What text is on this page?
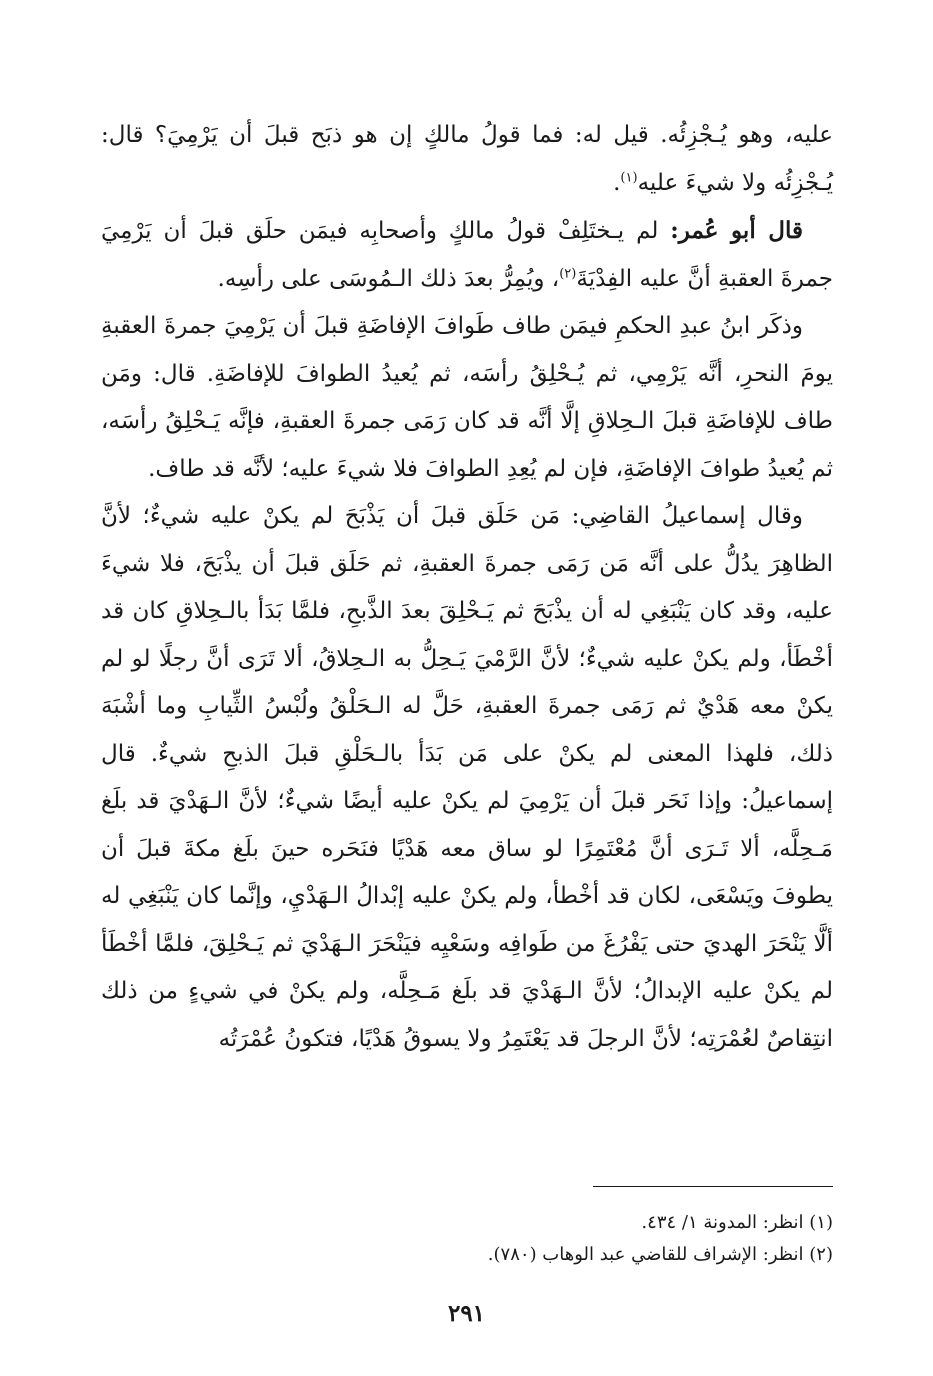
عليه، وهو يُـجْزِئُه. قيل له: فما قولُ مالكٍ إن هو ذبَح قبلَ أن يَرْمِيَ؟ قال: يُـجْزِئُه ولا شيءَ عليه$^{(١)}$.

قال أبو عُمر: لم يـختَلِفْ قولُ مالكٍ وأصحابِه فيمَن حلَق قبلَ أن يَرْمِيَ جمرةَ العقبةِ أنَّ عليه الفِدْيَةَ$^{(٢)}$، ويُمِرُّ بعدَ ذلك الـمُوسَى على رأسِه.

وذكَر ابنُ عبدِ الحكمِ فيمَن طاف طَوافَ الإفاضَةِ قبلَ أن يَرْمِيَ جمرةَ العقبةِ يومَ النحرِ، أنَّه يَرْمِي، ثم يُـحْلِقُ رأسَه، ثم يُعيدُ الطوافَ للإفاضَةِ. قال: ومَن طاف للإفاضَةِ قبلَ الـحِلاقِ إلَّا أنَّه قد كان رَمَى جمرةَ العقبةِ، فإنَّه يَـحْلِقُ رأسَه، ثم يُعيدُ طوافَ الإفاضَةِ، فإن لم يُعِدِ الطوافَ فلا شيءَ عليه؛ لأنَّه قد طاف.

وقال إسماعيلُ القاضِي: مَن حَلَق قبلَ أن يَذْبَحَ لم يكنْ عليه شيءٌ؛ لأنَّ الظاهِرَ يدُلُّ على أنَّه مَن رَمَى جمرةَ العقبةِ، ثم حَلَق قبلَ أن يذْبَحَ، فلا شيءَ عليه، وقد كان يَنْبَغِي له أن يذْبَحَ ثم يَـحْلِقَ بعدَ الذَّبحِ، فلمَّا بَدَأ بالـحِلاقِ كان قد أخْطَأ، ولم يكنْ عليه شيءٌ؛ لأنَّ الرَّمْيَ يَـحِلُّ به الـحِلاقُ، ألا تَرَى أنَّ رجلًا لو لم يكنْ معه هَدْيٌ ثم رَمَى جمرةَ العقبةِ، حَلَّ له الـحَلْقُ ولُبْسُ الثِّيابِ وما أشْبَهَ ذلك، فلهذا المعنى لم يكنْ على مَن بَدَأ بالـحَلْقِ قبلَ الذبحِ شيءٌ. قال إسماعيلُ: وإذا نَحَر قبلَ أن يَرْمِيَ لم يكنْ عليه أيضًا شيءٌ؛ لأنَّ الـهَدْيَ قد بلَغ مَـحِلَّه، ألا تَـرَى أنَّ مُعْتَمِرًا لو ساق معه هَدْيًا فنَحَره حينَ بلَغ مكةَ قبلَ أن يطوفَ ويَسْعَى، لكان قد أخْطأ، ولم يكنْ عليه إبْدالُ الـهَدْيِ، وإنَّما كان يَنْبَغِي له ألَّا يَنْحَرَ الهديَ حتى يَفْرُغَ من طَوافِه وسَعْيِه فيَنْحَرَ الـهَدْيَ ثم يَـحْلِقَ، فلمَّا أخْطَأ لم يكنْ عليه الإبدالُ؛ لأنَّ الـهَدْيَ قد بلَغ مَـحِلَّه، ولم يكنْ في شيءٍ من ذلك انتِقاصٌ لعُمْرَتِه؛ لأنَّ الرجلَ قد يَعْتَمِرُ ولا يسوقُ هَدْيًا، فتكونُ عُمْرَتُه

(١) انظر: المدونة ١/ ٤٣٤.

(٢) انظر: الإشراف للقاضي عبد الوهاب (٧٨٠).

٢٩١
